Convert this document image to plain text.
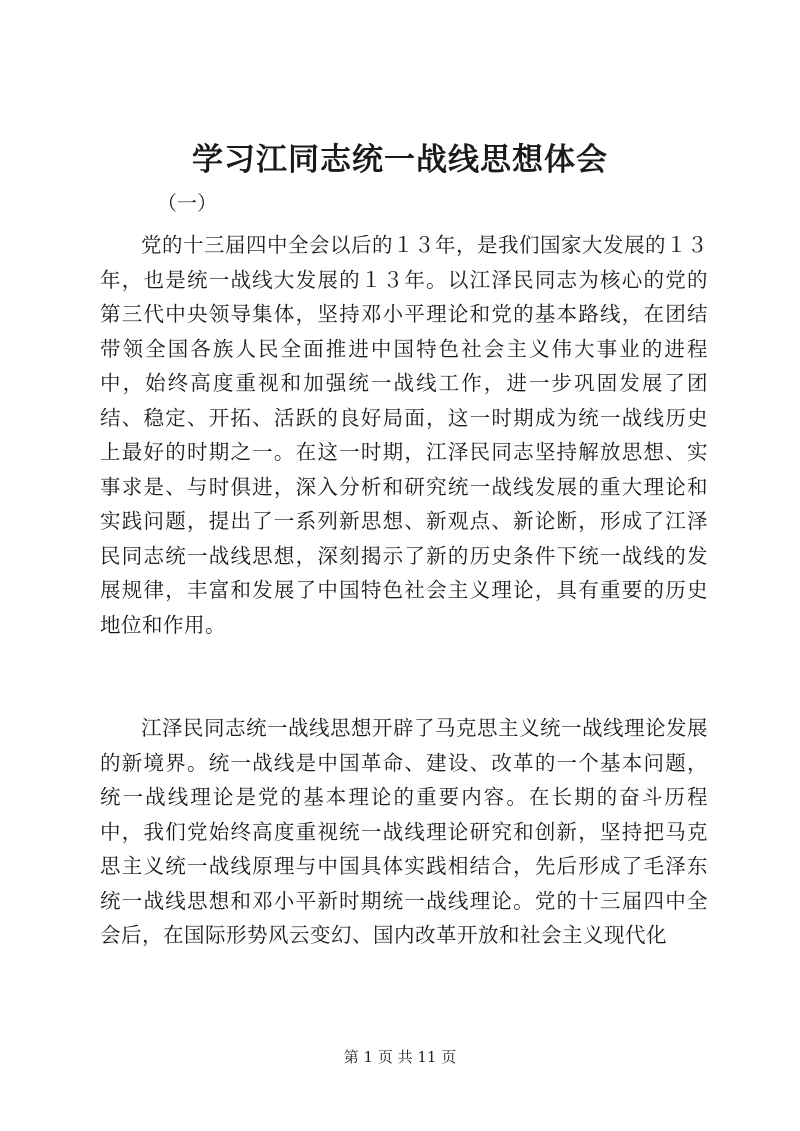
学习江同志统一战线思想体会
（一）

党的十三届四中全会以后的１３年，是我们国家大发展的１３年，也是统一战线大发展的１３年。以江泽民同志为核心的党的第三代中央领导集体，坚持邓小平理论和党的基本路线，在团结带领全国各族人民全面推进中国特色社会主义伟大事业的进程中，始终高度重视和加强统一战线工作，进一步巩固发展了团结、稳定、开拓、活跃的良好局面，这一时期成为统一战线历史上最好的时期之一。在这一时期，江泽民同志坚持解放思想、实事求是、与时俱进，深入分析和研究统一战线发展的重大理论和实践问题，提出了一系列新思想、新观点、新论断，形成了江泽民同志统一战线思想，深刻揭示了新的历史条件下统一战线的发展规律，丰富和发展了中国特色社会主义理论，具有重要的历史地位和作用。

江泽民同志统一战线思想开辟了马克思主义统一战线理论发展的新境界。统一战线是中国革命、建设、改革的一个基本问题，统一战线理论是党的基本理论的重要内容。在长期的奋斗历程中，我们党始终高度重视统一战线理论研究和创新，坚持把马克思主义统一战线原理与中国具体实践相结合，先后形成了毛泽东统一战线思想和邓小平新时期统一战线理论。党的十三届四中全会后，在国际形势风云变幻、国内改革开放和社会主义现代化

第 1 页 共 11 页
